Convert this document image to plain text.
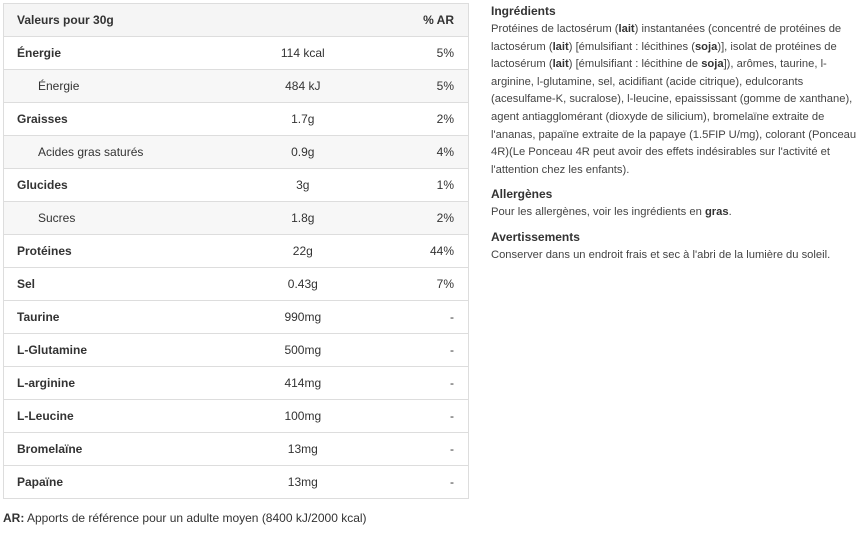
Valeurs pour 30g		% AR
Énergie	114 kcal	5%
Énergie	484 kJ	5%
Graisses	1.7g	2%
Acides gras saturés	0.9g	4%
Glucides	3g	1%
Sucres	1.8g	2%
Protéines	22g	44%
Sel	0.43g	7%
Taurine	990mg	-
L-Glutamine	500mg	-
L-arginine	414mg	-
L-Leucine	100mg	-
Bromelaïne	13mg	-
Papaïne	13mg	-
AR: Apports de référence pour un adulte moyen (8400 kJ/2000 kcal)
Ingrédients

Protéines de lactosérum (lait) instantanées (concentré de protéines de lactosérum (lait) [émulsifiant : lécithines (soja)], isolat de protéines de lactosérum (lait) [émulsifiant : lécithine de soja]), arômes, taurine, l-arginine, l-glutamine, sel, acidifiant (acide citrique), edulcorants (acesulfame-K, sucralose), l-leucine, epaississant (gomme de xanthane), agent antiagglomérant (dioxyde de silicium), bromelaïne extraite de l'ananas, papaïne extraite de la papaye (1.5FIP U/mg), colorant (Ponceau 4R)(Le Ponceau 4R peut avoir des effets indésirables sur l'activité et l'attention chez les enfants).

Allergènes

Pour les allergènes, voir les ingrédients en gras.

Avertissements

Conserver dans un endroit frais et sec à l'abri de la lumière du soleil.
